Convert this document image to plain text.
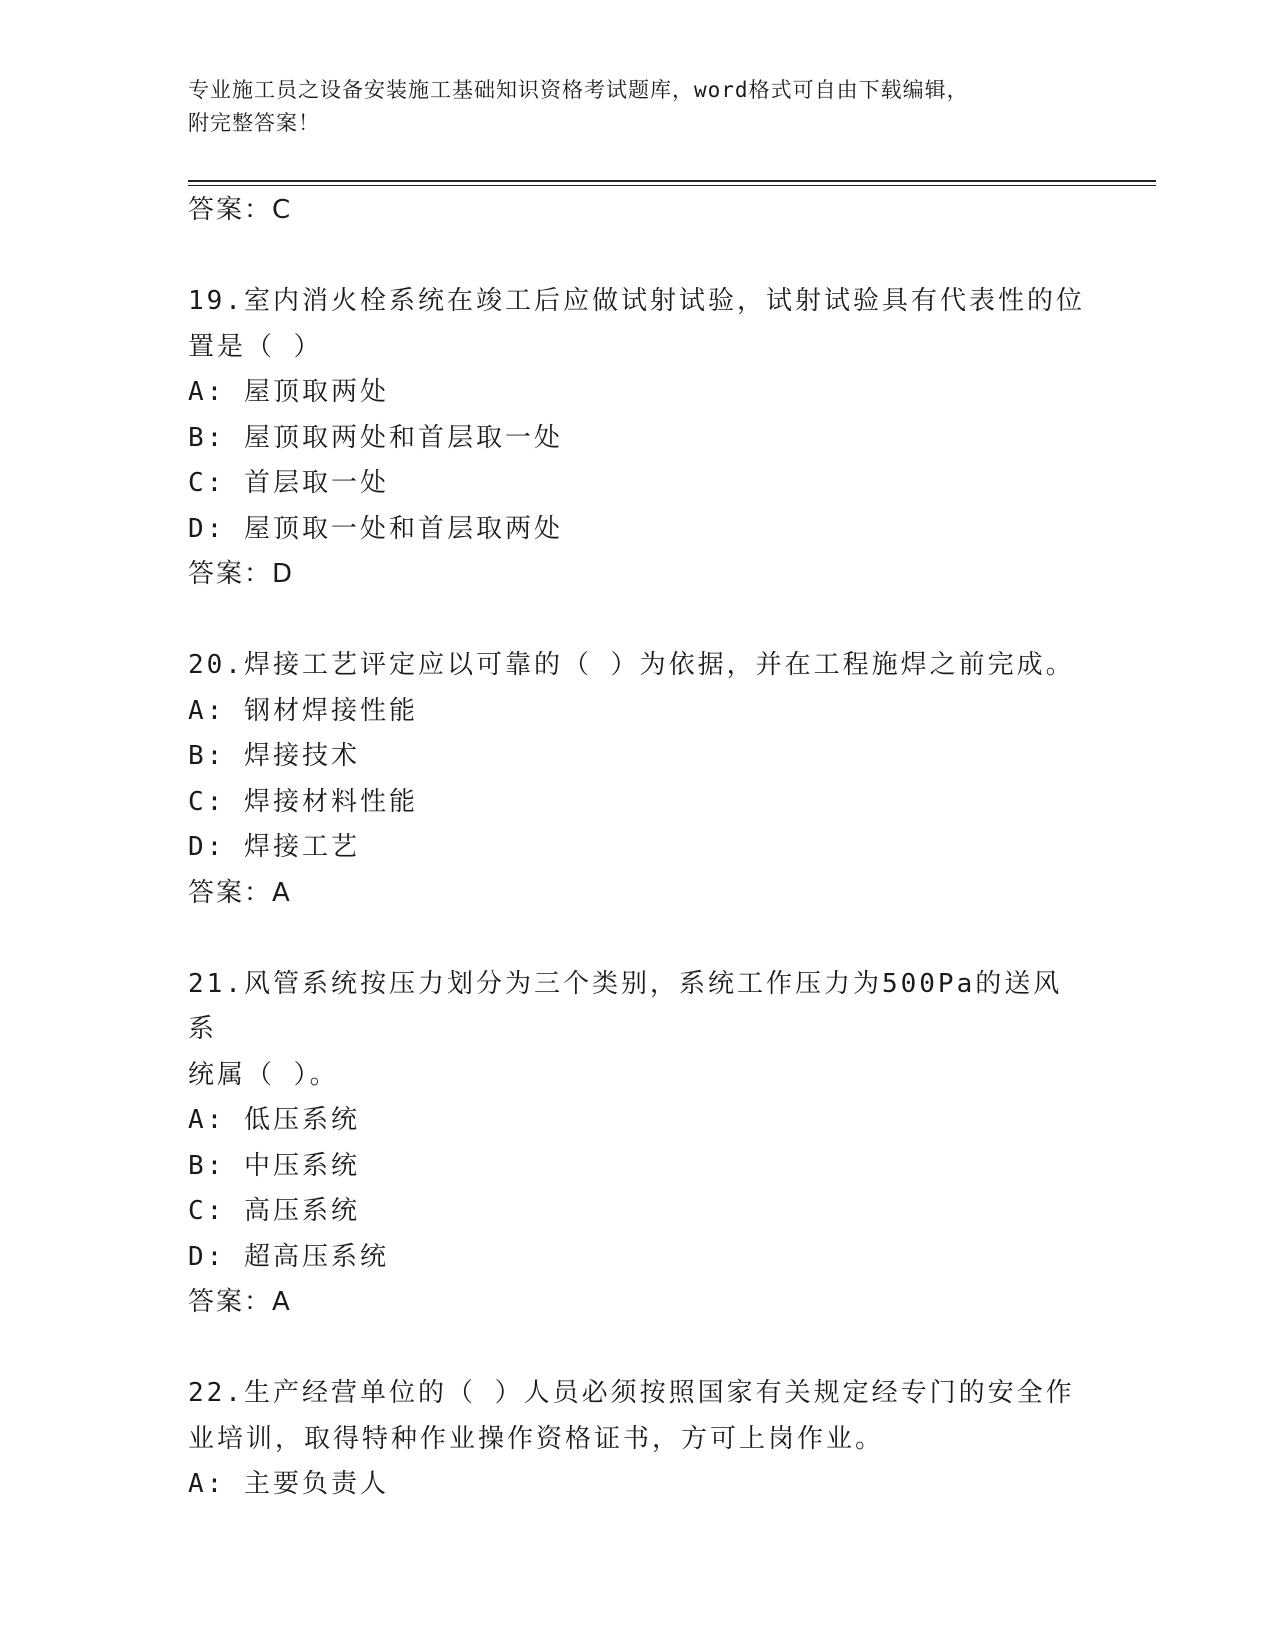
专业施工员之设备安装施工基础知识资格考试题库，word格式可自由下载编辑，
附完整答案！
答案：C
19.室内消火栓系统在竣工后应做试射试验，试射试验具有代表性的位
置是（ ）
A: 屋顶取两处
B: 屋顶取两处和首层取一处
C: 首层取一处
D: 屋顶取一处和首层取两处
答案：D
20.焊接工艺评定应以可靠的（ ）为依据，并在工程施焊之前完成。
A: 钢材焊接性能
B: 焊接技术
C: 焊接材料性能
D: 焊接工艺
答案：A
21.风管系统按压力划分为三个类别，系统工作压力为500Pa的送风系
统属（ ）。
A: 低压系统
B: 中压系统
C: 高压系统
D: 超高压系统
答案：A
22.生产经营单位的（ ）人员必须按照国家有关规定经专门的安全作
业培训，取得特种作业操作资格证书，方可上岗作业。
A: 主要负责人
